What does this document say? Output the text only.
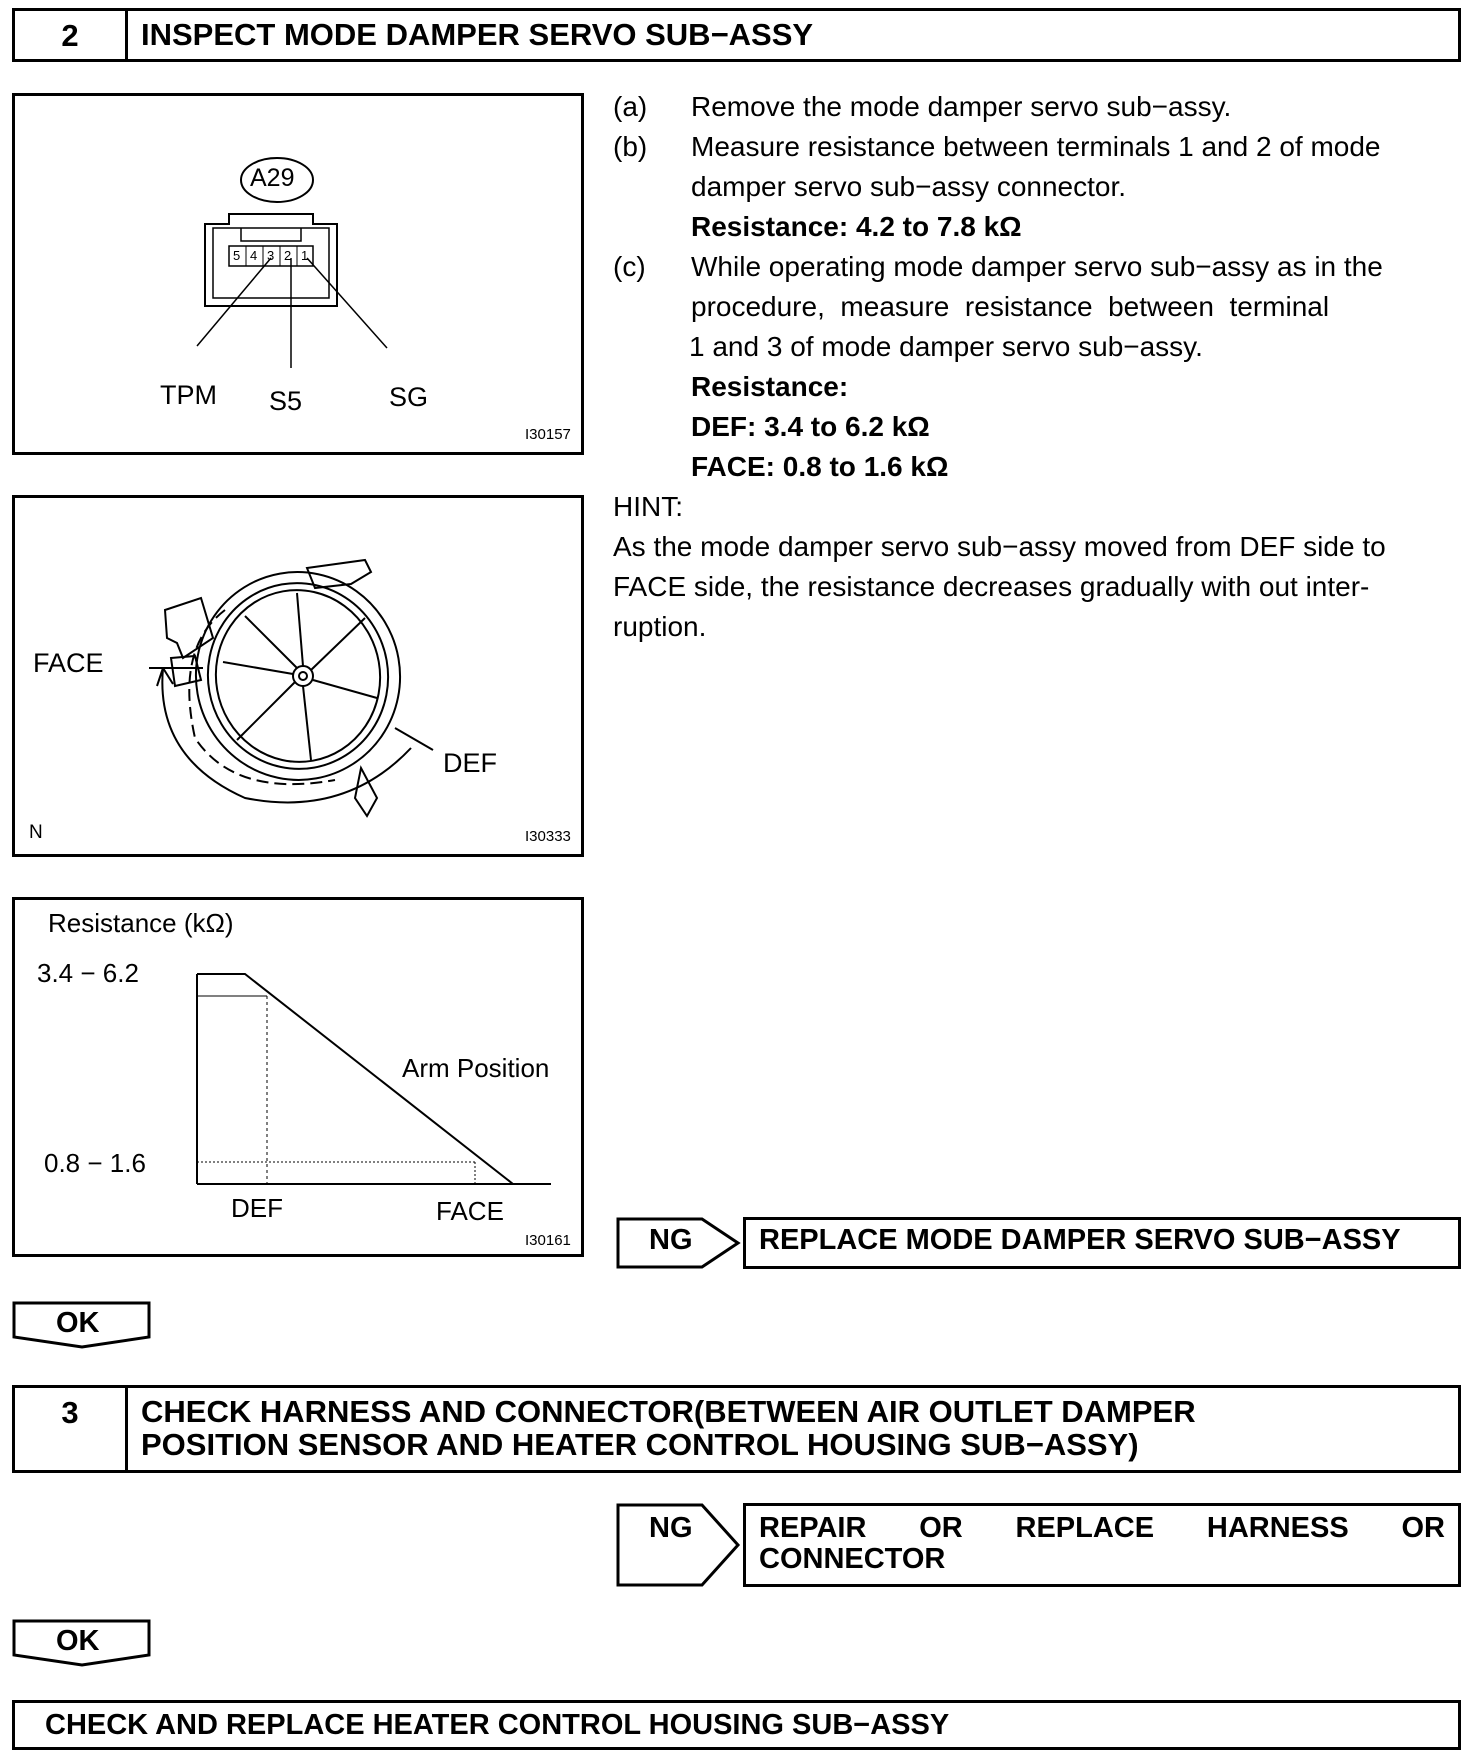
2	INSPECT MODE DAMPER SERVO SUB−ASSY
A29
5 4 3 2 1
TPM S5	SG
I30157
FACE
DEF
N	I30333
Resistance (kΩ)
3.4 − 6.2
0.8 − 1.6
Arm Position
DEF	FACE
I30161
(a)	Remove the mode damper servo sub−assy.
(b)	Measure resistance between terminals 1 and 2 of mode
damper servo sub−assy connector.
Resistance: 4.2 to 7.8 kΩ
(c)	While operating mode damper servo sub−assy as in the
procedure,  measure  resistance  between  terminal
1 and 3 of mode damper servo sub−assy.
Resistance:
DEF: 3.4 to 6.2 kΩ
FACE: 0.8 to 1.6 kΩ
HINT:
As the mode damper servo sub−assy moved from DEF side to
FACE side, the resistance decreases gradually with out inter-
ruption.
NG REPLACE MODE DAMPER SERVO SUB−ASSY
OK
3	CHECK HARNESS AND CONNECTOR(BETWEEN AIR OUTLET DAMPER
POSITION SENSOR AND HEATER CONTROL HOUSING SUB−ASSY)
NG REPAIR OR REPLACE HARNESS OR
CONNECTOR
OK
CHECK AND REPLACE HEATER CONTROL HOUSING SUB−ASSY
